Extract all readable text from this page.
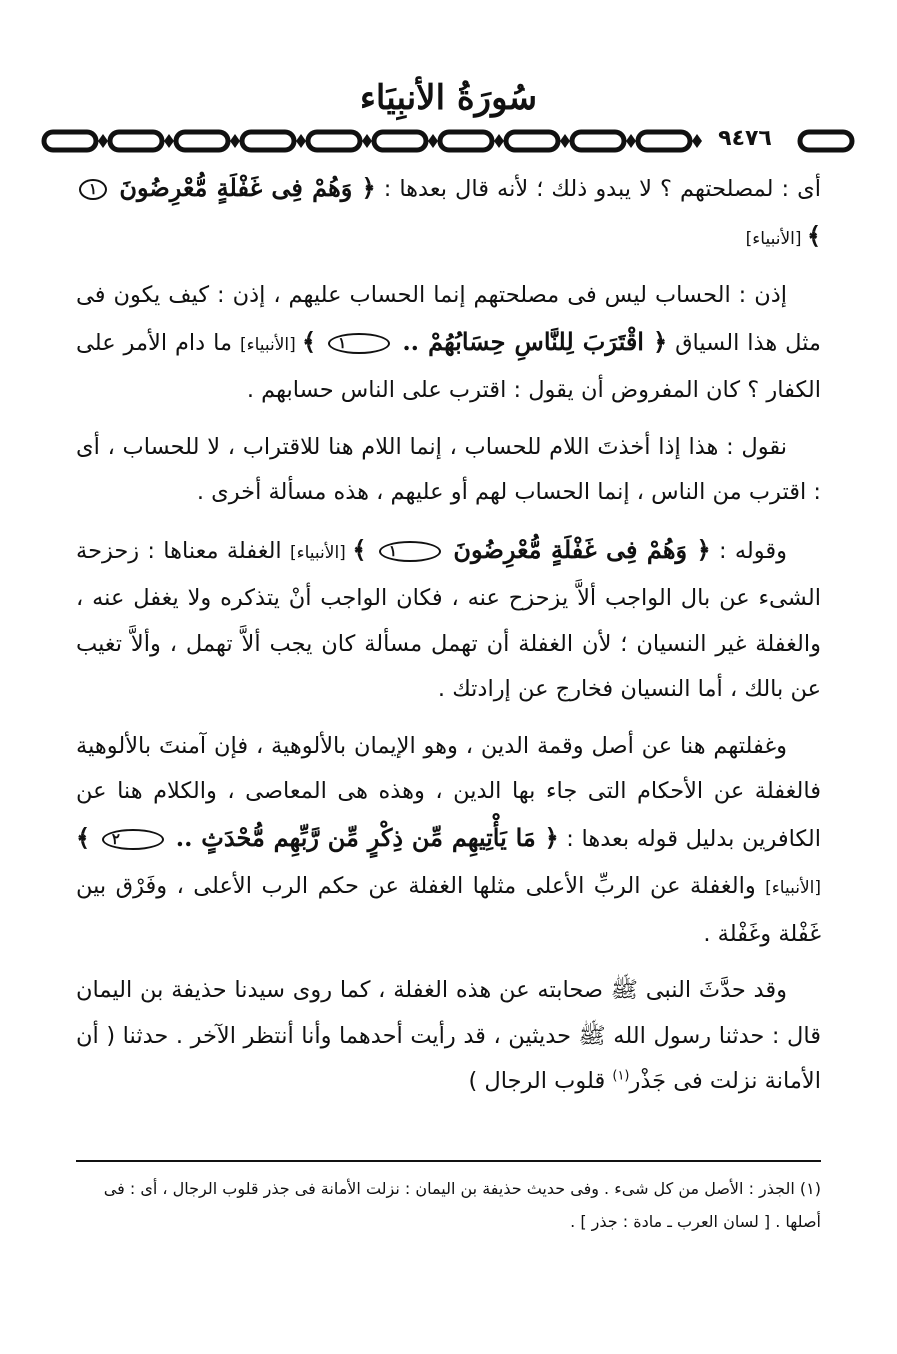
سُورَةُ الأنبِيَاء
٩٤٧٦

أى : لمصلحتهم ؟ لا يبدو ذلك ؛ لأنه قال بعدها : ﴿ وَهُمْ فِى غَفْلَةٍ مُّعْرِضُونَ ١ ﴾ [الأنبياء]

إذن : الحساب ليس فى مصلحتهم إنما الحساب عليهم ، إذن : كيف يكون فى مثل هذا السياق ﴿ اقْتَرَبَ لِلنَّاسِ حِسَابُهُمْ .. ١ ﴾ [الأنبياء] ما دام الأمر على الكفار ؟ كان المفروض أن يقول : اقترب على الناس حسابهم .

نقول : هذا إذا أخذتَ اللام للحساب ، إنما اللام هنا للاقتراب ، لا للحساب ، أى : اقترب من الناس ، إنما الحساب لهم أو عليهم ، هذه مسألة أخرى .

وقوله : ﴿ وَهُمْ فِى غَفْلَةٍ مُّعْرِضُونَ ١ ﴾ [الأنبياء] الغفلة معناها : زحزحة الشىء عن بال الواجب ألاَّ يزحزح عنه ، فكان الواجب أنْ يتذكره ولا يغفل عنه ، والغفلة غير النسيان ؛ لأن الغفلة أن تهمل مسألة كان يجب ألاَّ تهمل ، وألاَّ تغيب عن بالك ، أما النسيان فخارج عن إرادتك .

وغفلتهم هنا عن أصل وقمة الدين ، وهو الإيمان بالألوهية ، فإن آمنتَ بالألوهية فالغفلة عن الأحكام التى جاء بها الدين ، وهذه هى المعاصى ، والكلام هنا عن الكافرين بدليل قوله بعدها : ﴿ مَا يَأْتِيهِم مِّن ذِكْرٍ مِّن رَّبِّهِم مُّحْدَثٍ .. ٢ ﴾ [الأنبياء] والغفلة عن الربِّ الأعلى مثلها الغفلة عن حكم الرب الأعلى ، وفَرْق بين غَفْلة وغَفْلة .

وقد حدَّثَ النبى ﷺ صحابته عن هذه الغفلة ، كما روى سيدنا حذيفة بن اليمان قال : حدثنا رسول الله ﷺ حديثين ، قد رأيت أحدهما وأنا أنتظر الآخر . حدثنا ( أن الأمانة نزلت فى جَذْر$^{(١)}$ قلوب الرجال )

(١) الجذر : الأصل من كل شىء . وفى حديث حذيفة بن اليمان : نزلت الأمانة فى جذر قلوب الرجال ، أى : فى أصلها . [ لسان العرب ـ مادة : جذر ] .
